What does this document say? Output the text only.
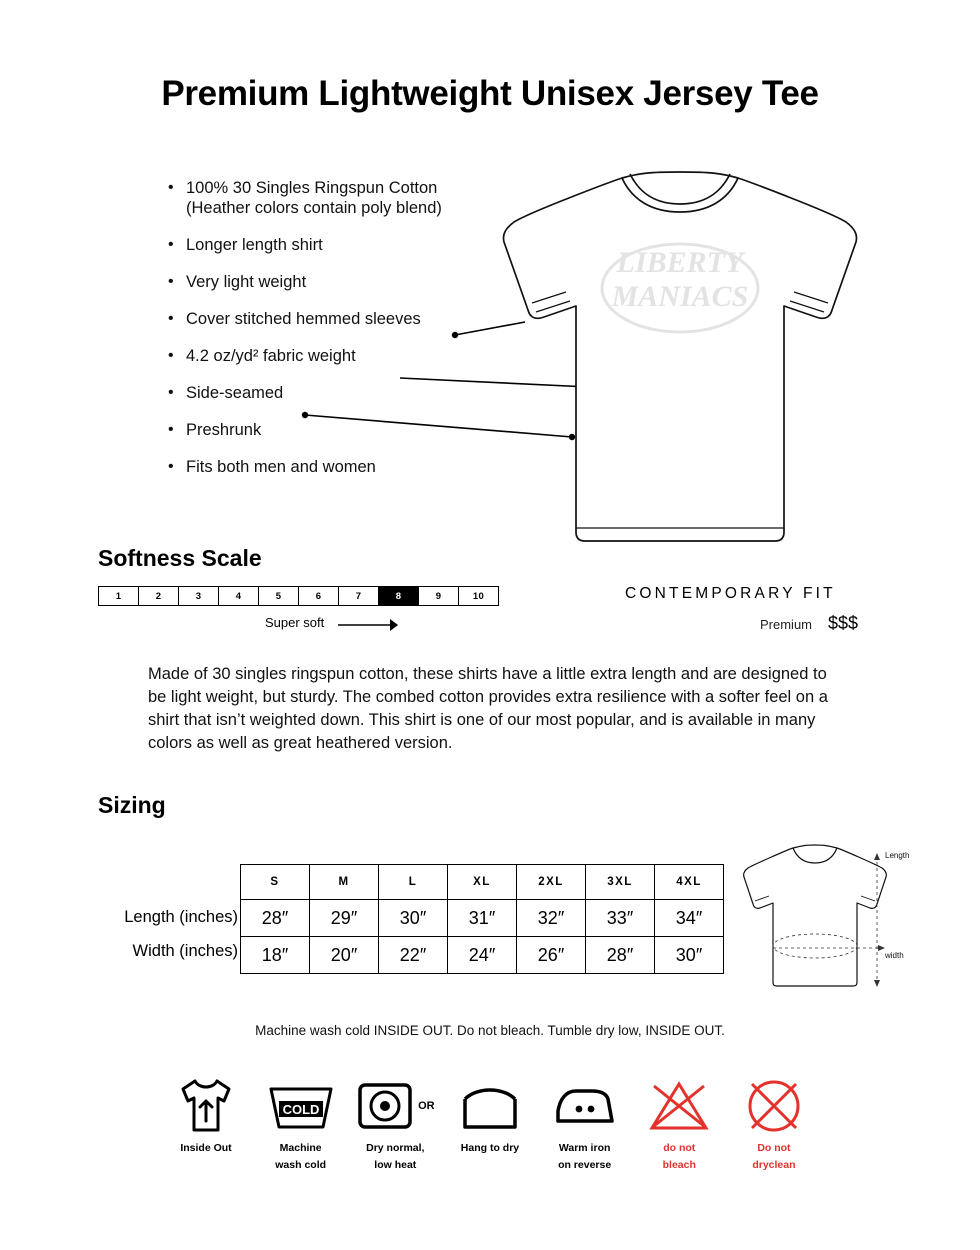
Premium Lightweight Unisex Jersey Tee
• 100% 30 Singles Ringspun Cotton
(Heather colors contain poly blend)
• Longer length shirt
• Very light weight
• Cover stitched hemmed sleeves
• 4.2 oz/yd² fabric weight
• Side-seamed
• Preshrunk
• Fits both men and women
LIBERTY
MANIACS
Softness Scale
1	2	3	4	5	6	7	8	9	10
Super soft
CONTEMPORARY FIT
Premium $$$
Made of 30 singles ringspun cotton, these shirts have a little extra length and are designed to be light weight, but sturdy. The combed cotton provides extra resilience with a softer feel on a shirt that isn’t weighted down. This shirt is one of our most popular, and is available in many colors as well as great heathered version.
Sizing
Length (inches)
Width (inches)
S	M	L	XL	2XL	3XL	4XL
28″	29″	30″	31″	32″	33″	34″
18″	20″	22″	24″	26″	28″	30″
Length
width
Machine wash cold INSIDE OUT. Do not bleach. Tumble dry low, INSIDE OUT.
Inside Out
COLD
Machine
wash cold
OR
Dry normal,
low heat
Hang to dry	Warm iron
on reverse
do not
bleach
Do not
dryclean
